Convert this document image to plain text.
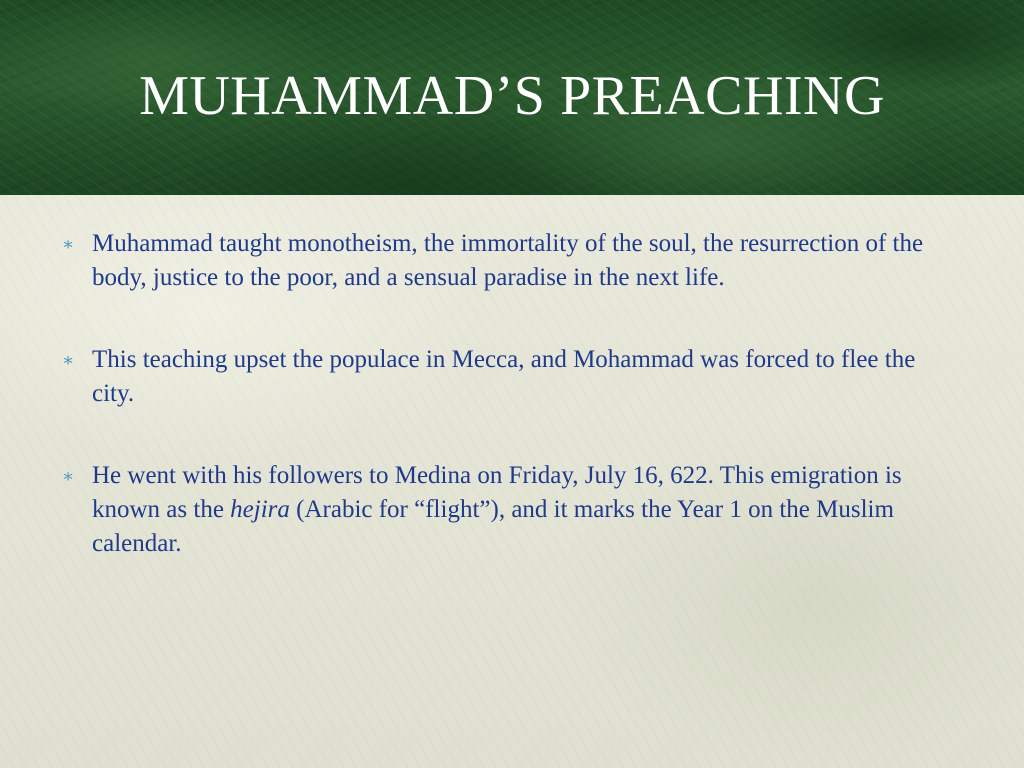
MUHAMMAD’S PREACHING
∗ Muhammad taught monotheism, the immortality of the soul, the resurrection of the body, justice to the poor, and a sensual paradise in the next life.
∗ This teaching upset the populace in Mecca, and Mohammad was forced to flee the city.
∗ He went with his followers to Medina on Friday, July 16, 622. This emigration is known as the hejira (Arabic for “flight”), and it marks the Year 1 on the Muslim calendar.
